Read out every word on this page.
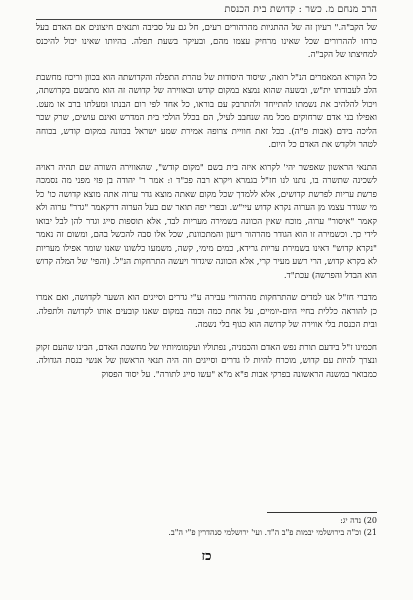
הרב מנחם מ. כשר : קדושת בית הכנסת

של הקב"ה." רעיון זה של ההתגיות מהרהורים רעים, חל גם על סביבה ותנאים חיצונים אם האדם בעל כרחו לההרורים שכל שאינו מרחיק עצמו מהם, ובעיקר בשעת תפלה. בהיותו שאינו יכול להיכנס למחיצתו של הקב"ה.

כל הקורא המאמרים הנ"ל רואה, שיסוד היסודות של טהרת התפלה והקדושתה הוא בכוון וריכוז מחשבת הלב לעבודתו ית"ש, ובשעה שהוא נמצא במקום קודש ובאווירה של קדושה זה הוא מתבשם בקדושתה, ויכול להלהיב את נשמתו להתייחד ולהתרבק עם בוראו, כל אחד לפי רום הבנתו ומעלתו ברב או מעט. ואפילו בני אדם שרחוקים מכל מה שנחבב לעיל, הם בכלל הולכי בית המדרש ואינם עושים, שרק שכר הליכה בידם (אבות פ"ה). ככל זאת חוויית צרופה אמירת שמע ישראל בכוונה במקום קודש, בכוחה לטהר ולקדש את האדם כל היום.

התנאי הראשון שאפשר יהי' לקרוא איזה בית בשם "מקום קודש", שהאווירה השורה שם תהיה ראויה לשכינה שתשרה בו, נתנו לנו חז"ל בגמרא ויקרא רבה פכ"ד ו: אמר ר' יהודה בן פזי מפני מה נסמכה פרשת עריות לפרשת קדושים, אלא ללמדך שכל מקום שאתה מוצא גדר ערוה אתה מוצא קדושה כו' כל מי שגודר עצמו מן הערוה נקרא קדוש עיי"ש. ובפרי יפה תואר שם בעל הערוה דרקאמר "גדר" ערוה ולא קאמר "איסור" ערוה, מוכח שאין הכוונה בשמירה מעריות לבד, אלא תוספות סייג וגדר להן לבל יבואו לידי כך. וכשמירה זו הוא הגודר מהרהור ריעון והמתכוונת, שכל אלו סבה להכשל בהם, ומשום זה נאמר "נקרא קדוש" דאינו בשמירת עריות גרידא, כמים מימי, קשה, משמעו כלשונו שאנו שומר אפילו מעריות לא בקרא קדוש, הרי רשע מעיר קרי, אלא הכוונה שיגדור ויעשה התרחקות הנ"ל. (והפי' של המלה קדוש הוא הבדל והפרשה) עכת"ד.

מדברי חז"ל אנו למדים שהתרחקות מהרהורי עבירה ע"י גדרים וסייגים הוא השער לקדושה, ואם אמרו כן להוראה כללית בחיי היום-יומיים, על אחת כמה וכמה במקום שאנו קובעים אותו לקדושה ולתפלה. ובית הכנסת בלי אווירה של קדושה הוא כגוף בלי נשמה.

חכמינו ז"ל בידעם תורת נפש האדם והכמניה, נפתוליו ועקמומיותיו של מחשבת האדם, הבינו שהעם זקוק ונצרך להיות עם קדוש, מוכרח להיות לו גדרים וסייגים וזה היה תנאי הראשון של אנשי כנסת הגדולה. כמבואר במשנה הראשונה בפרקי אבות פ"א מ"א "עשו סייג לתורה". על יסוד הפסוק

20) נדה יג:
21) וכ"ה בירושלמי יבמות פ"ב ה"ד. ועי' ירושלמי סנהדרין פ"י ה"ב.
כז
